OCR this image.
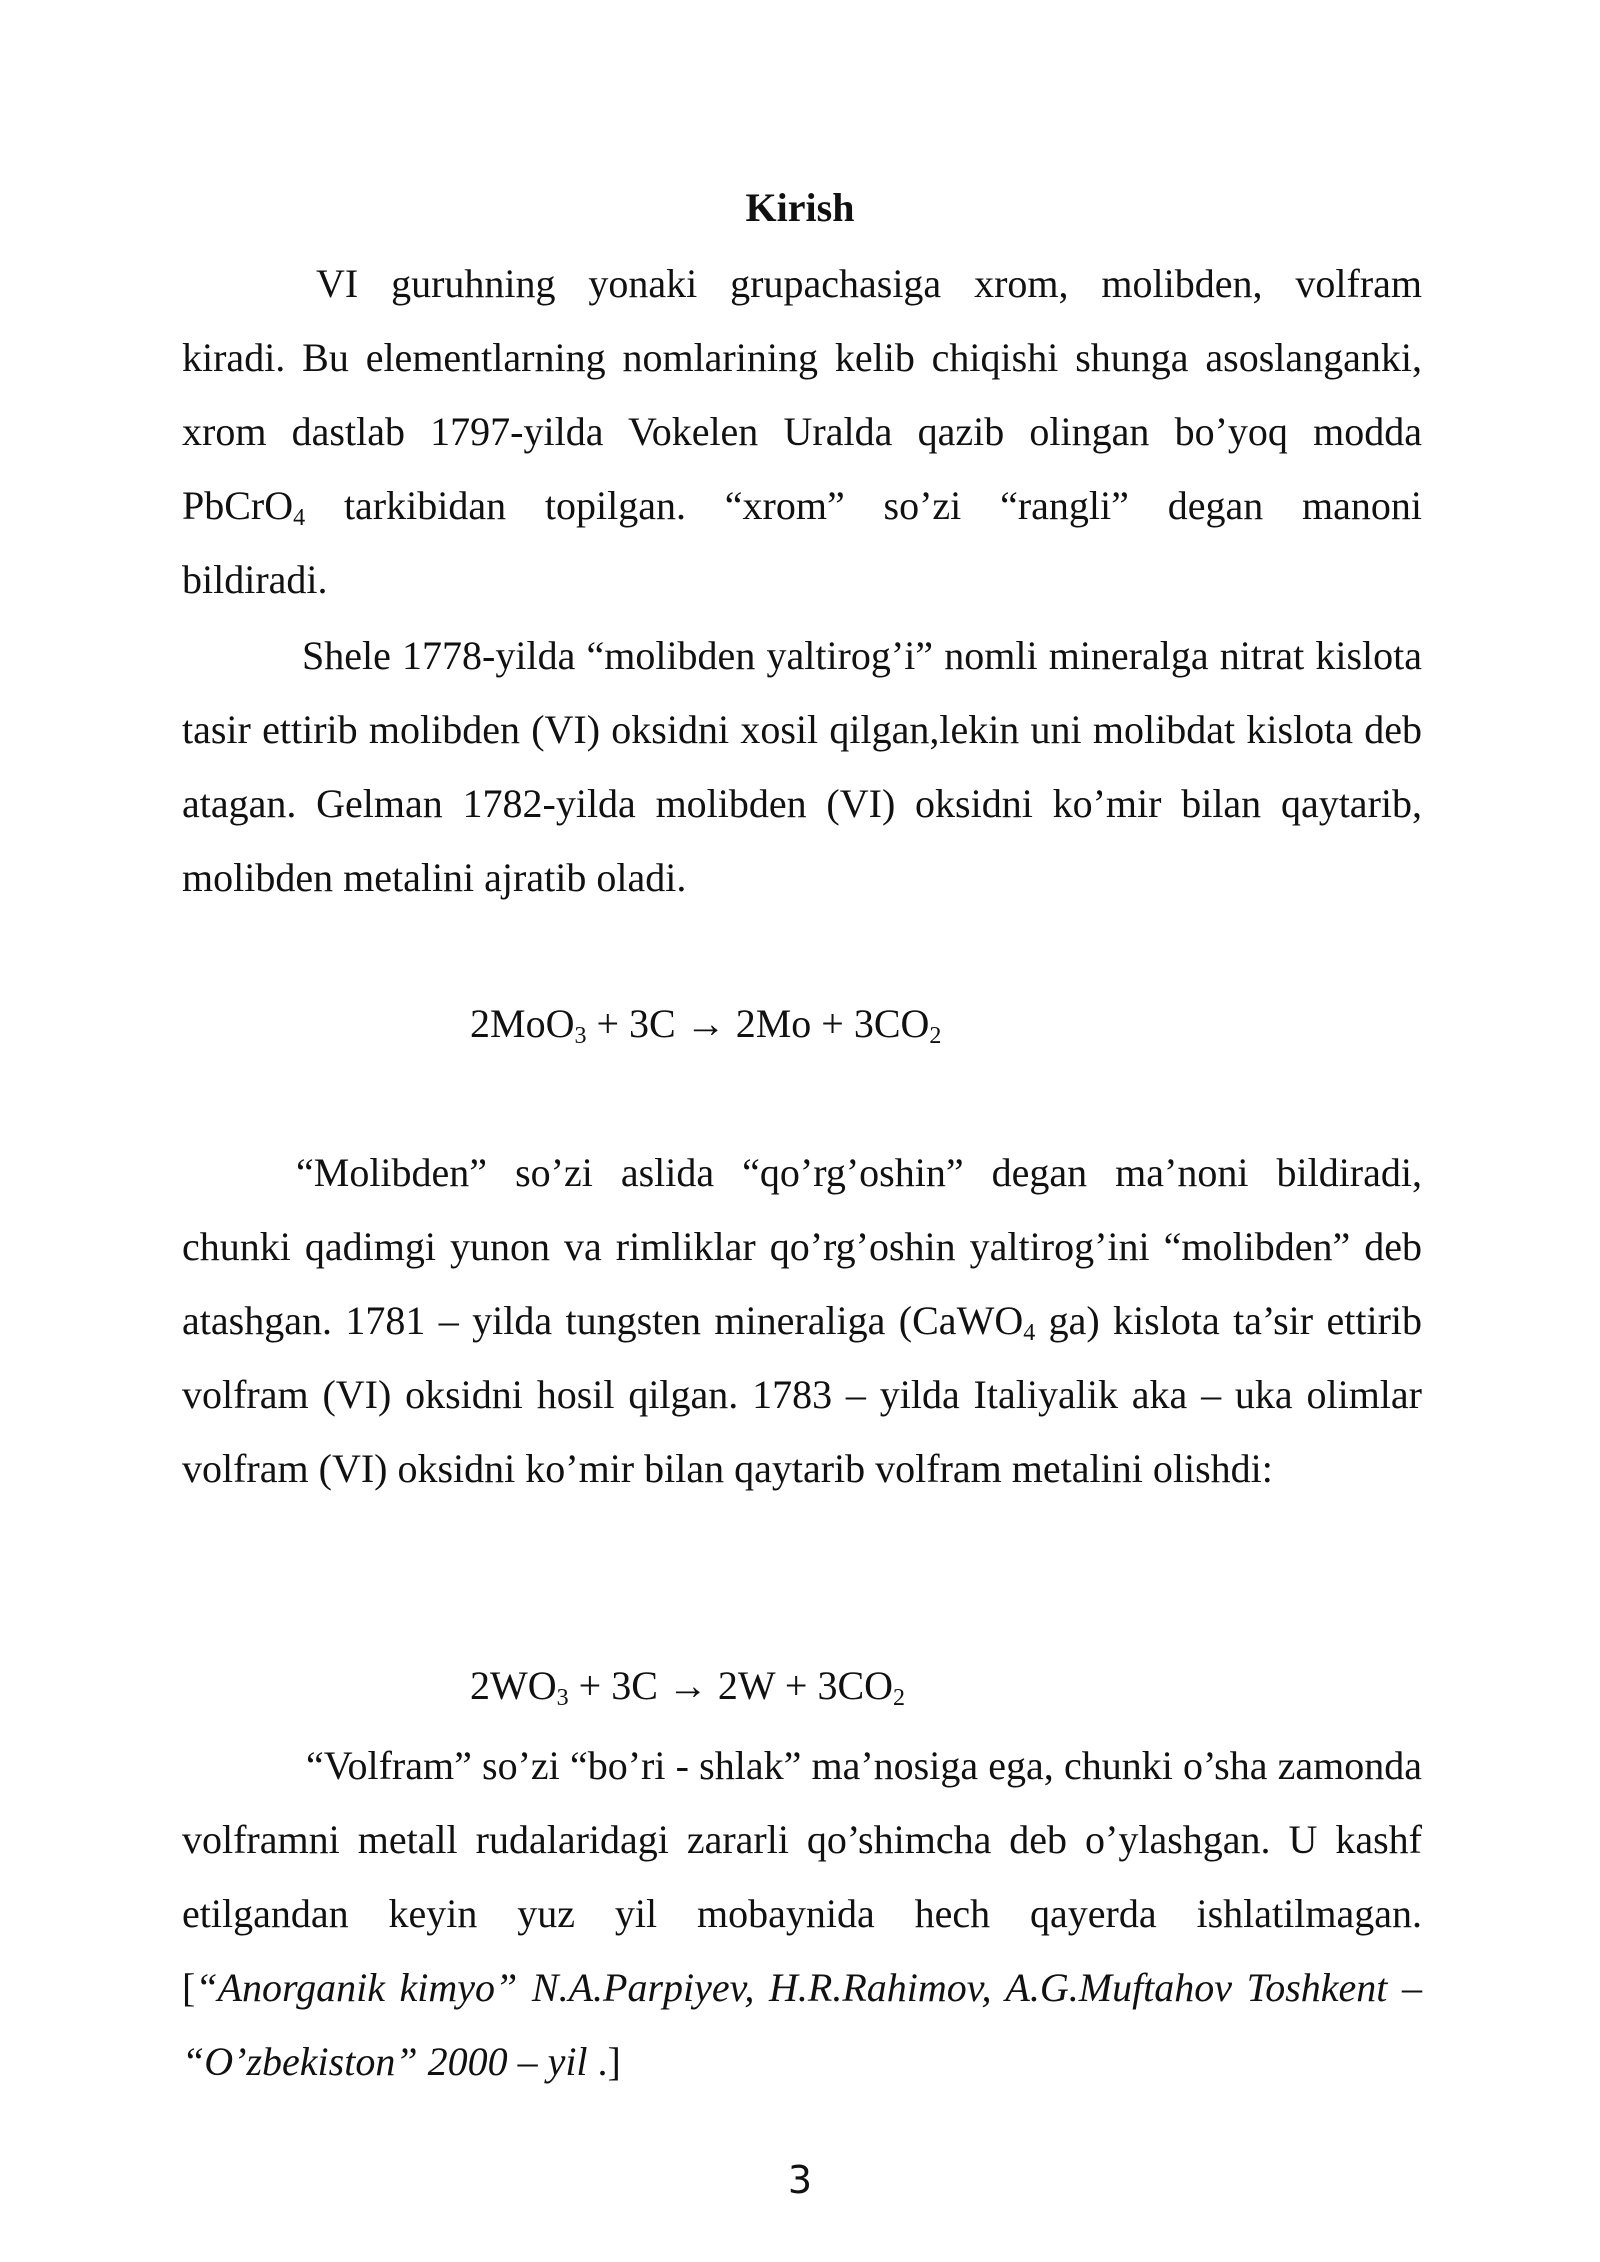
Kirish

VI guruhning yonaki grupachasiga xrom, molibden, volfram kiradi. Bu elementlarning nomlarining kelib chiqishi shunga asoslanganki, xrom dastlab 1797-yilda Vokelen Uralda qazib olingan bo’yoq modda PbCrO$_4$ tarkibidan topilgan. “xrom” so’zi “rangli” degan manoni bildiradi.

Shele 1778-yilda “molibden yaltirog’i” nomli mineralga nitrat kislota tasir ettirib molibden (VI) oksidni xosil qilgan,lekin uni molibdat kislota deb atagan. Gelman 1782-yilda molibden (VI) oksidni ko’mir bilan qaytarib, molibden metalini ajratib oladi.

$2MoO_3 + 3C \to 2Mo + 3CO_2$

“Molibden” so’zi aslida “qo’rg’oshin” degan ma’noni bildiradi, chunki qadimgi yunon va rimliklar qo’rg’oshin yaltirog’ini “molibden” deb atashgan. 1781 – yilda tungsten mineraliga (CaWO$_4$ ga) kislota ta’sir ettirib volfram (VI) oksidni hosil qilgan. 1783 – yilda Italiyalik aka – uka olimlar volfram (VI) oksidni ko’mir bilan qaytarib volfram metalini olishdi:

$2WO_3 + 3C \to 2W + 3CO_2$

“Volfram” so’zi “bo’ri - shlak” ma’nosiga ega, chunki o’sha zamonda volframni metall rudalaridagi zararli qo’shimcha deb o’ylashgan. U kashf etilgandan keyin yuz yil mobaynida hech qayerda ishlatilmagan. [“Anorganik kimyo” N.A.Parpiyev, H.R.Rahimov, A.G.Muftahov Toshkent – “O’zbekiston” 2000 – yil .]

3
